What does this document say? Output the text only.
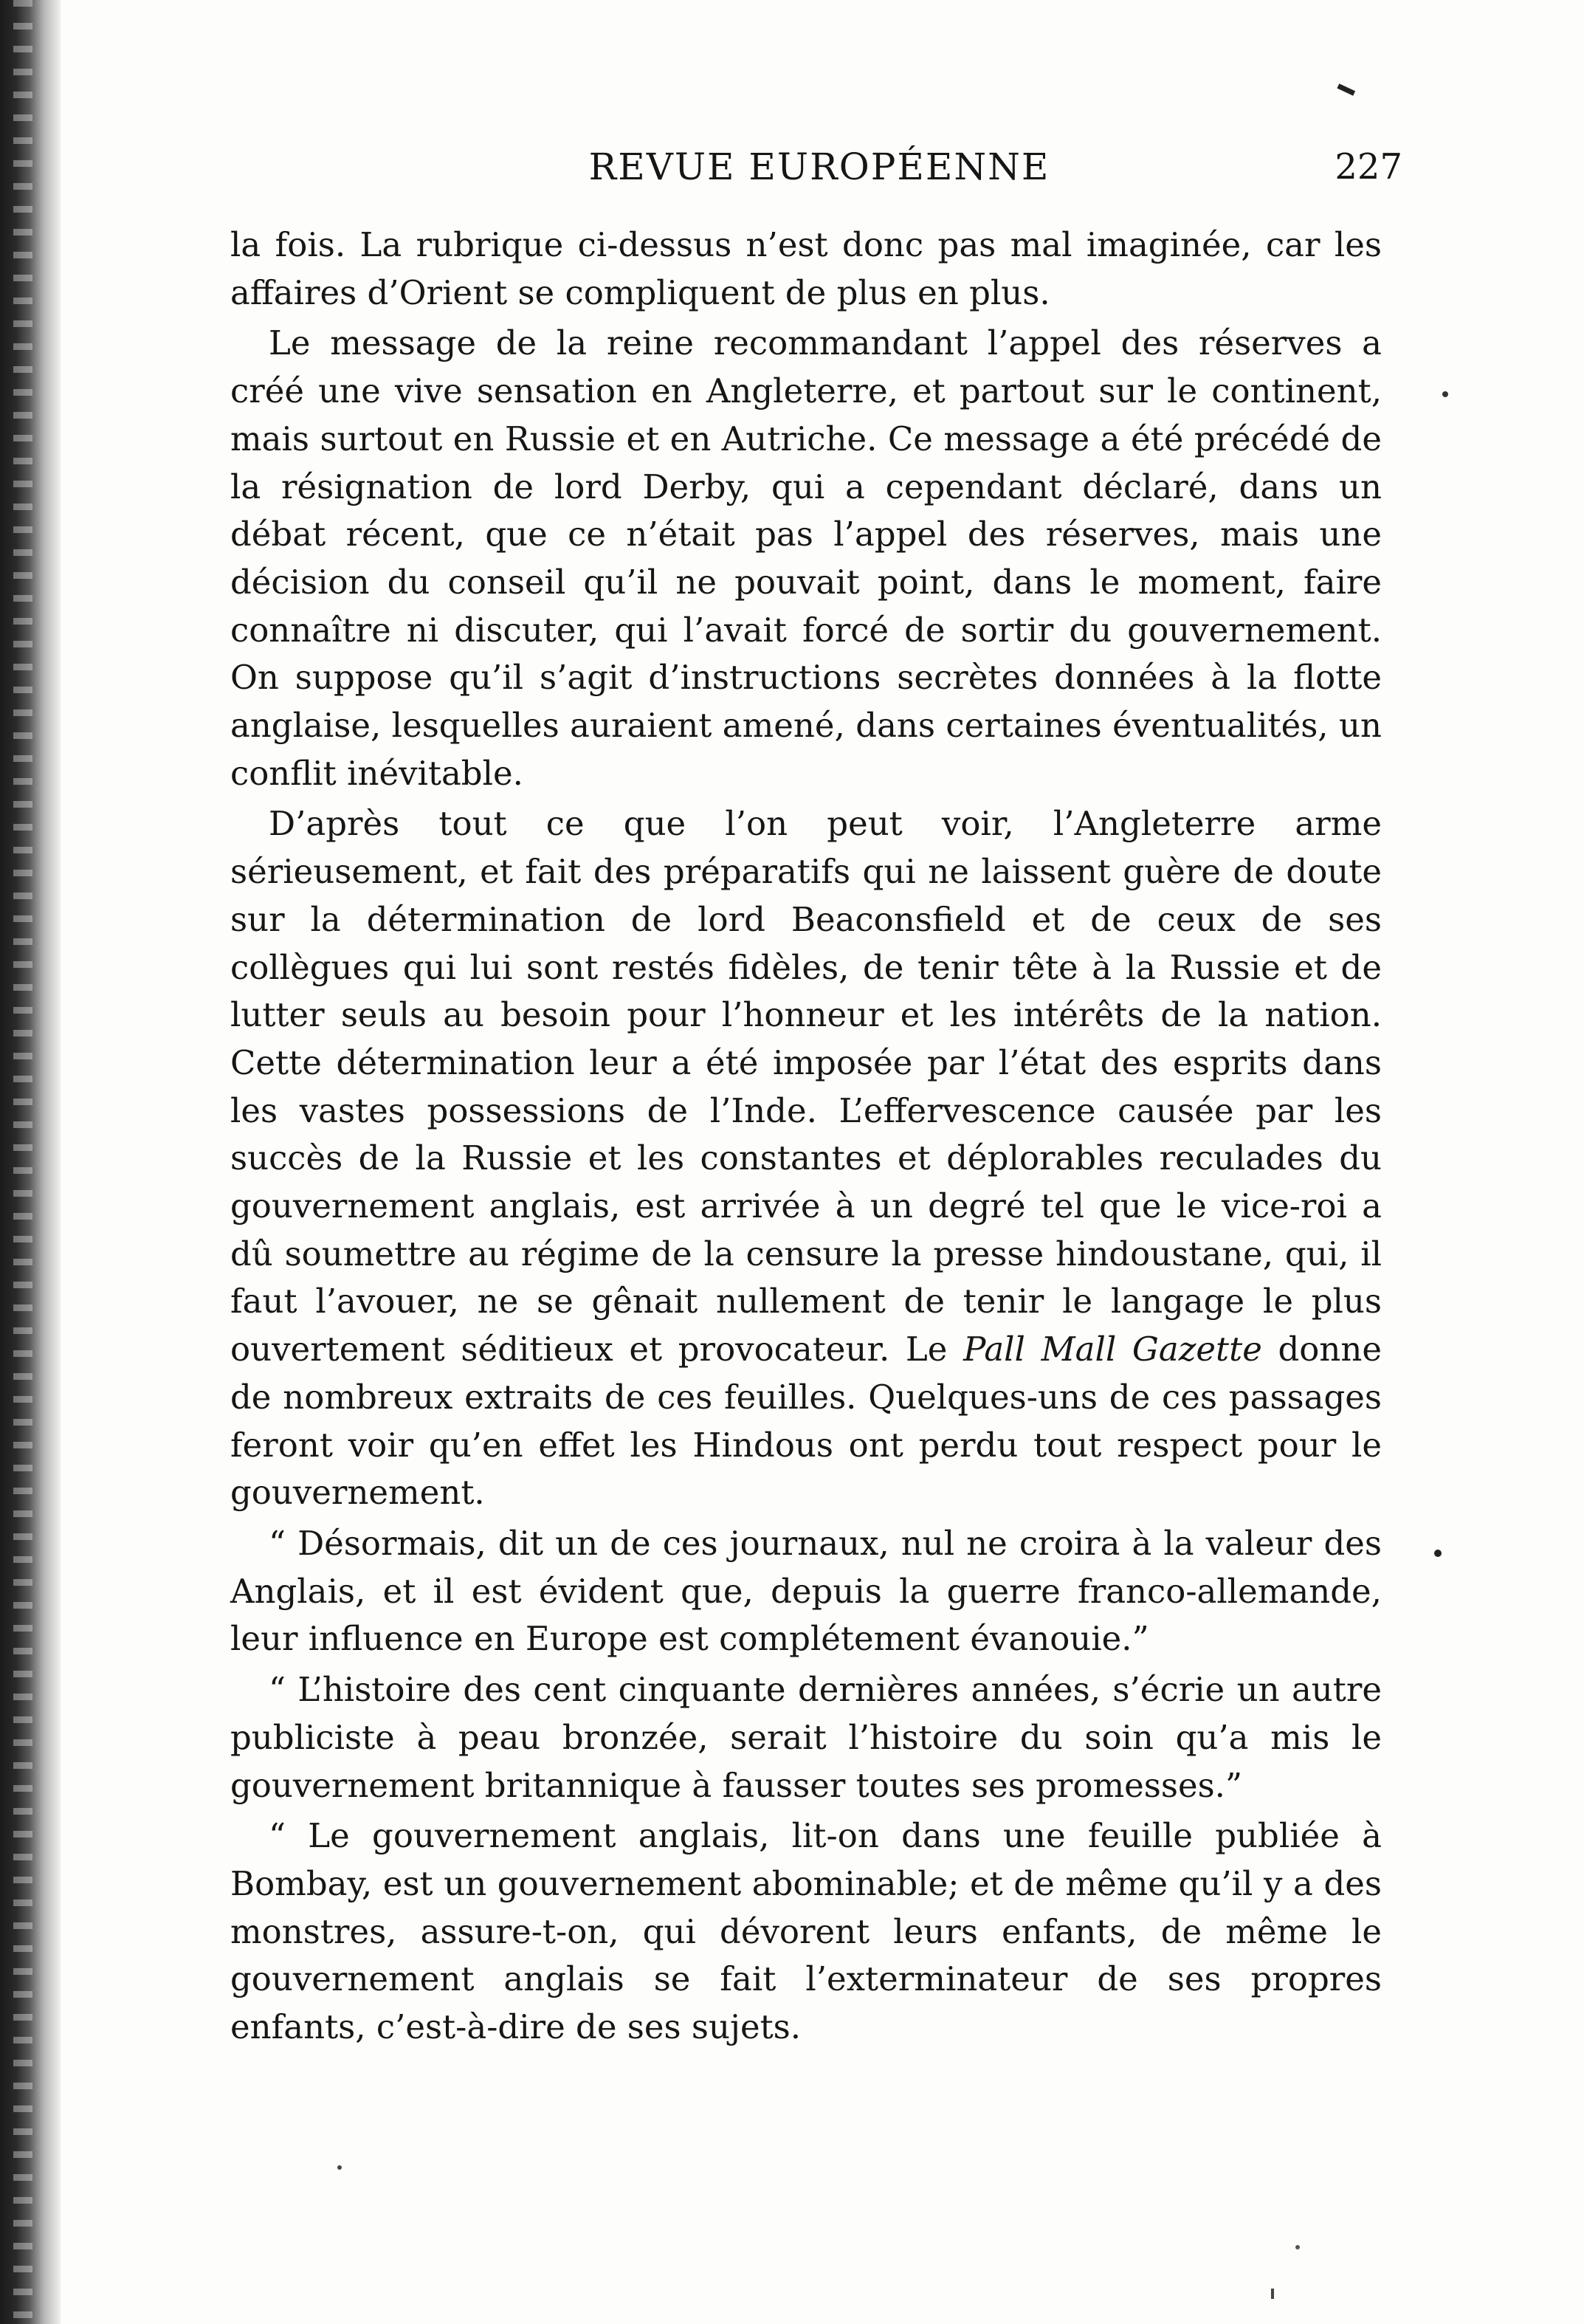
REVUE EUROPÉENNE	227

la fois. La rubrique ci-dessus n’est donc pas mal imaginée, car les affaires d’Orient se compliquent de plus en plus.

Le message de la reine recommandant l’appel des réserves a créé une vive sensation en Angleterre, et partout sur le continent, mais surtout en Russie et en Autriche. Ce message a été précédé de la résignation de lord Derby, qui a cependant déclaré, dans un débat récent, que ce n’était pas l’appel des réserves, mais une décision du conseil qu’il ne pouvait point, dans le moment, faire connaître ni discuter, qui l’avait forcé de sortir du gouvernement. On suppose qu’il s’agit d’instructions secrètes données à la flotte anglaise, lesquelles auraient amené, dans certaines éventualités, un conflit inévitable.

D’après tout ce que l’on peut voir, l’Angleterre arme sérieusement, et fait des préparatifs qui ne laissent guère de doute sur la détermination de lord Beaconsfield et de ceux de ses collègues qui lui sont restés fidèles, de tenir tête à la Russie et de lutter seuls au besoin pour l’honneur et les intérêts de la nation. Cette détermination leur a été imposée par l’état des esprits dans les vastes possessions de l’Inde. L’effervescence causée par les succès de la Russie et les constantes et déplorables reculades du gouvernement anglais, est arrivée à un degré tel que le vice-roi a dû soumettre au régime de la censure la presse hindoustane, qui, il faut l’avouer, ne se gênait nullement de tenir le langage le plus ouvertement séditieux et provocateur. Le Pall Mall Gazette donne de nombreux extraits de ces feuilles. Quelques-uns de ces passages feront voir qu’en effet les Hindous ont perdu tout respect pour le gouvernement.

“ Désormais, dit un de ces journaux, nul ne croira à la valeur des Anglais, et il est évident que, depuis la guerre franco-allemande, leur influence en Europe est complétement évanouie.”

“ L’histoire des cent cinquante dernières années, s’écrie un autre publiciste à peau bronzée, serait l’histoire du soin qu’a mis le gouvernement britannique à fausser toutes ses promesses.”

“ Le gouvernement anglais, lit-on dans une feuille publiée à Bombay, est un gouvernement abominable; et de même qu’il y a des monstres, assure-t-on, qui dévorent leurs enfants, de même le gouvernement anglais se fait l’exterminateur de ses propres enfants, c’est-à-dire de ses sujets.
